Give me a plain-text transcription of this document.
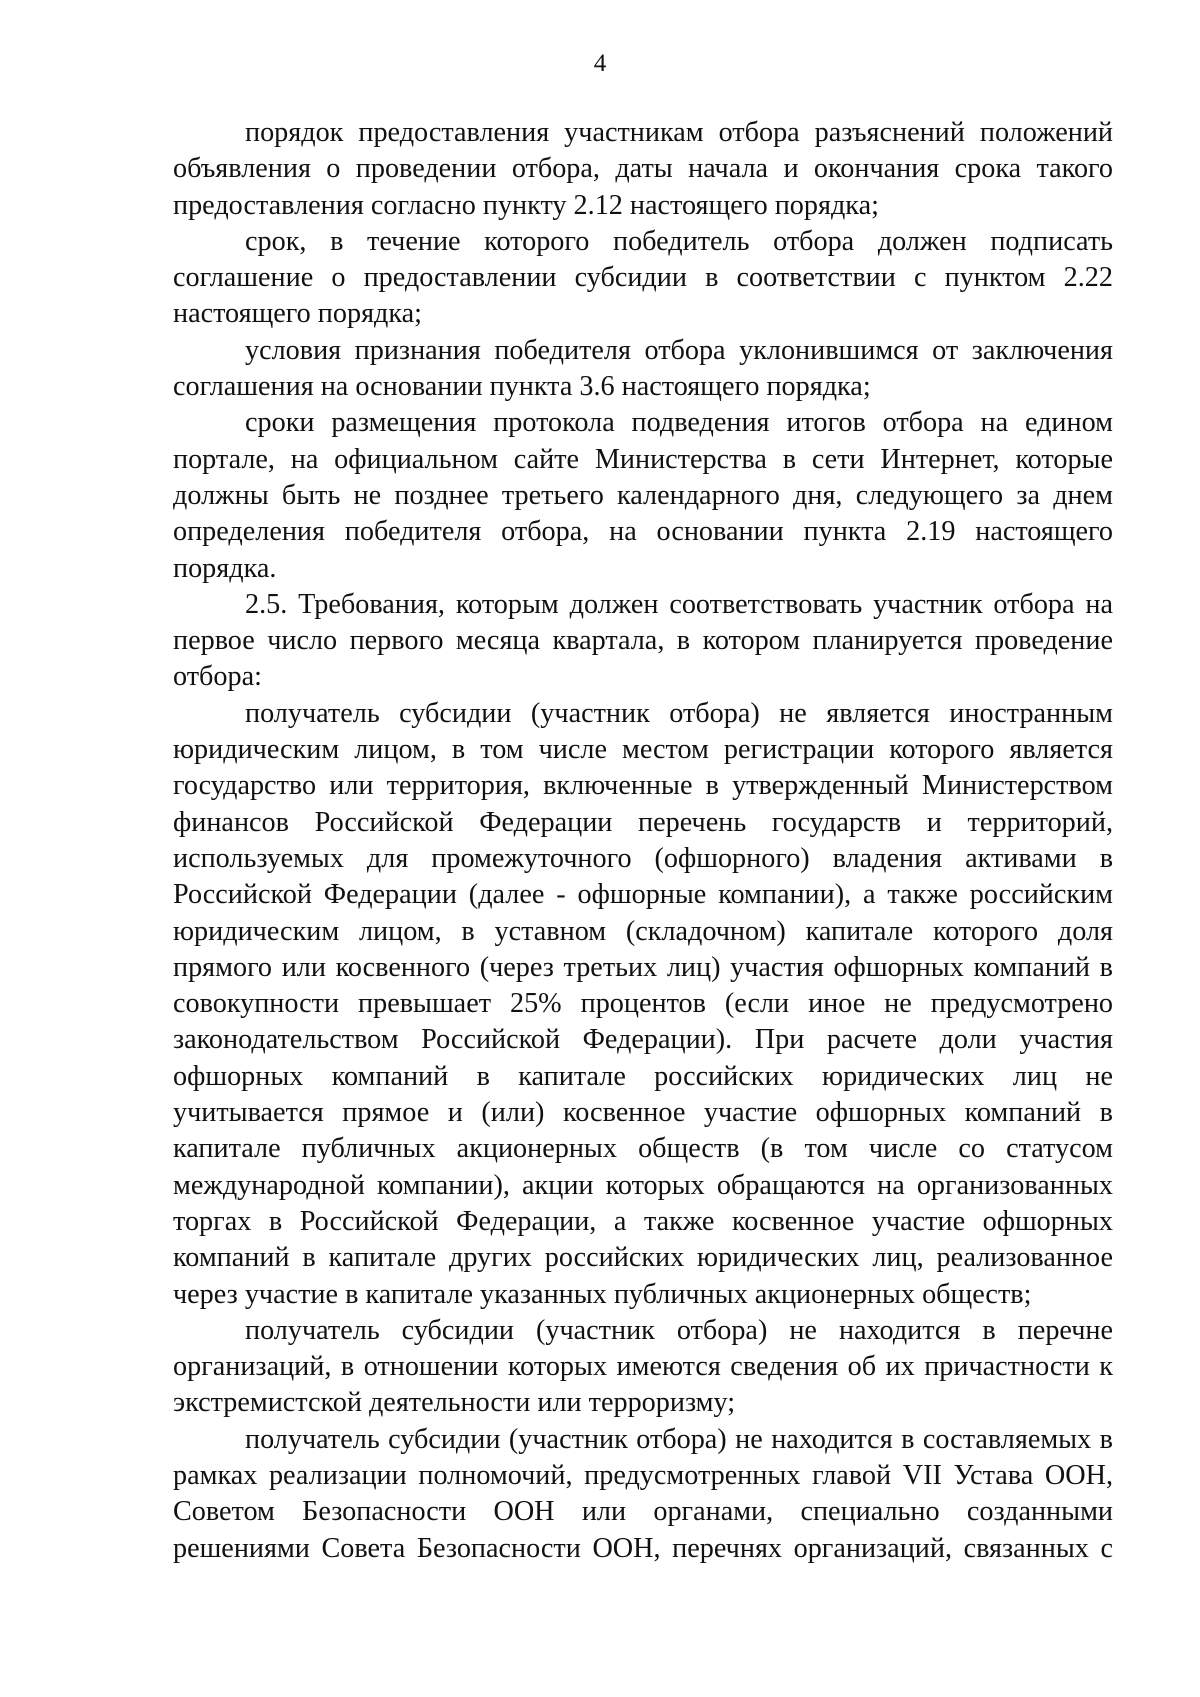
4

порядок предоставления участникам отбора разъяснений положений объявления о проведении отбора, даты начала и окончания срока такого предоставления согласно пункту 2.12 настоящего порядка;

срок, в течение которого победитель отбора должен подписать соглашение о предоставлении субсидии в соответствии с пунктом 2.22 настоящего порядка;

условия признания победителя отбора уклонившимся от заключения соглашения на основании пункта 3.6 настоящего порядка;

сроки размещения протокола подведения итогов отбора на едином портале, на официальном сайте Министерства в сети Интернет, которые должны быть не позднее третьего календарного дня, следующего за днем определения победителя отбора, на основании пункта 2.19 настоящего порядка.

2.5. Требования, которым должен соответствовать участник отбора на первое число первого месяца квартала, в котором планируется проведение отбора:

получатель субсидии (участник отбора) не является иностранным юридическим лицом, в том числе местом регистрации которого является государство или территория, включенные в утвержденный Министерством финансов Российской Федерации перечень государств и территорий, используемых для промежуточного (офшорного) владения активами в Российской Федерации (далее - офшорные компании), а также российским юридическим лицом, в уставном (складочном) капитале которого доля прямого или косвенного (через третьих лиц) участия офшорных компаний в совокупности превышает 25% процентов (если иное не предусмотрено законодательством Российской Федерации). При расчете доли участия офшорных компаний в капитале российских юридических лиц не учитывается прямое и (или) косвенное участие офшорных компаний в капитале публичных акционерных обществ (в том числе со статусом международной компании), акции которых обращаются на организованных торгах в Российской Федерации, а также косвенное участие офшорных компаний в капитале других российских юридических лиц, реализованное через участие в капитале указанных публичных акционерных обществ;

получатель субсидии (участник отбора) не находится в перечне организаций, в отношении которых имеются сведения об их причастности к экстремистской деятельности или терроризму;

получатель субсидии (участник отбора) не находится в составляемых в рамках реализации полномочий, предусмотренных главой VII Устава ООН, Советом Безопасности ООН или органами, специально созданными решениями Совета Безопасности ООН, перечнях организаций, связанных с
